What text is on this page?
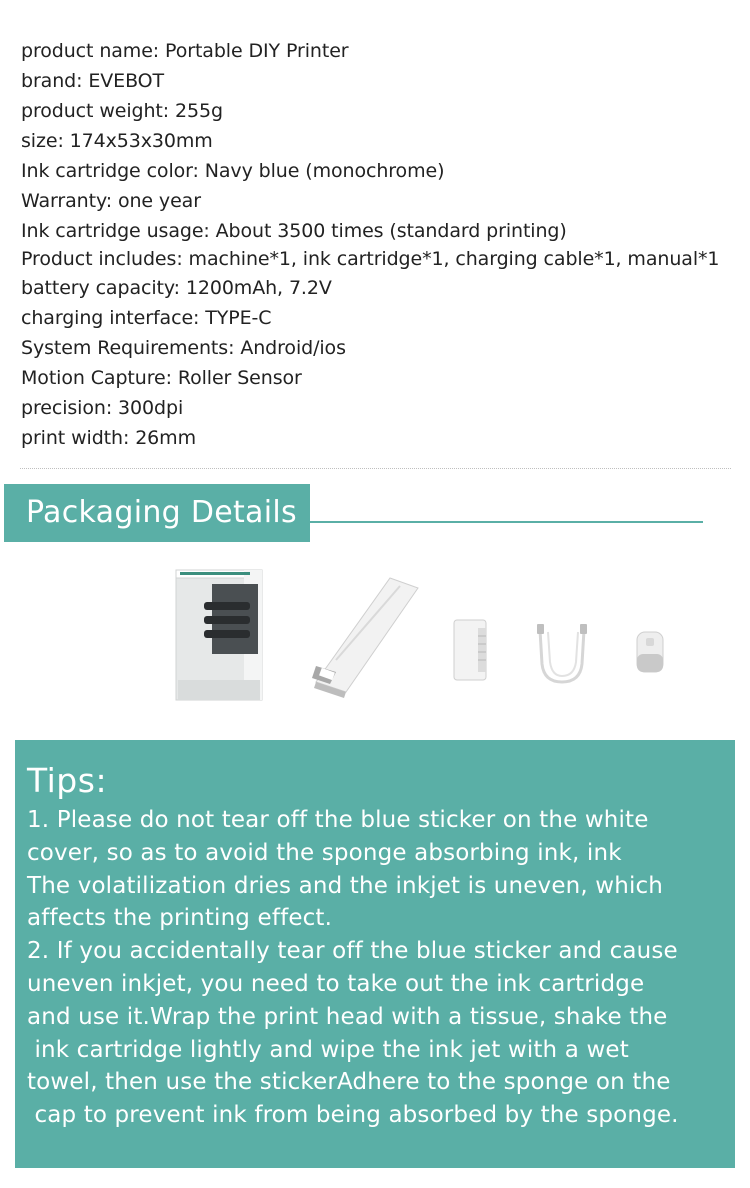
product name: Portable DIY Printer
brand: EVEBOT
product weight: 255g
size: 174x53x30mm
Ink cartridge color: Navy blue (monochrome)
Warranty: one year
Ink cartridge usage: About 3500 times (standard printing)
Product includes: machine*1, ink cartridge*1, charging cable*1, manual*1
battery capacity: 1200mAh, 7.2V
charging interface: TYPE-C
System Requirements: Android/ios
Motion Capture: Roller Sensor
precision: 300dpi
print width: 26mm
Packaging Details
Tips:
1. Please do not tear off the blue sticker on the white
cover, so as to avoid the sponge absorbing ink, ink
The volatilization dries and the inkjet is uneven, which
affects the printing effect.
2. If you accidentally tear off the blue sticker and cause
uneven inkjet, you need to take out the ink cartridge
and use it.Wrap the print head with a tissue, shake the
ink cartridge lightly and wipe the ink jet with a wet
towel, then use the stickerAdhere to the sponge on the
cap to prevent ink from being absorbed by the sponge.
